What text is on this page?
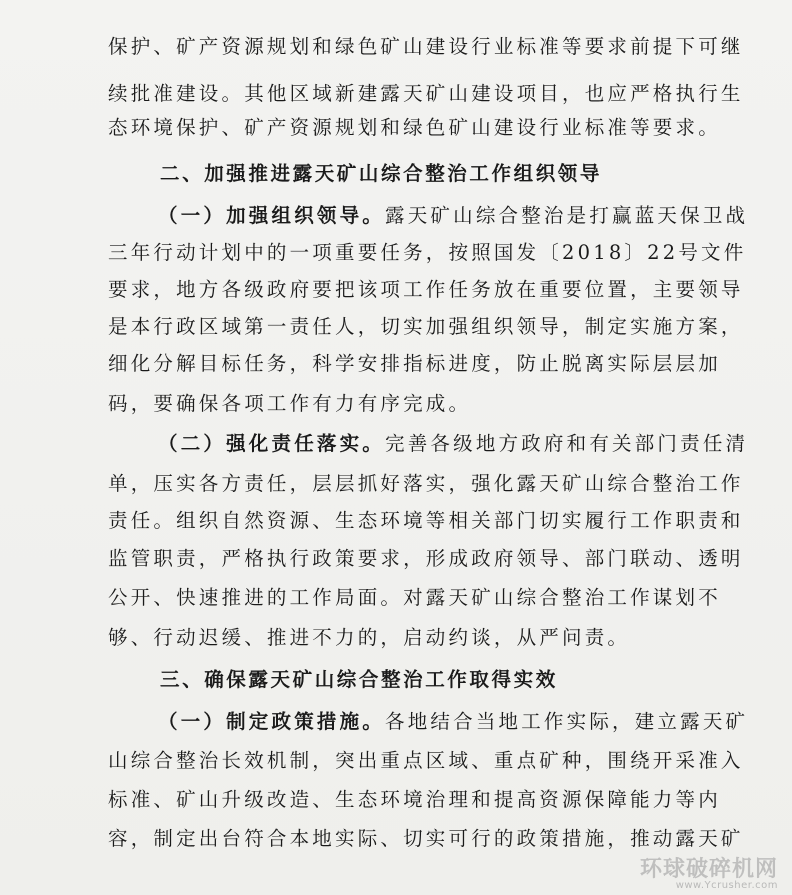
保护、矿产资源规划和绿色矿山建设行业标准等要求前提下可继
续批准建设。其他区域新建露天矿山建设项目，也应严格执行生
态环境保护、矿产资源规划和绿色矿山建设行业标准等要求。
二、加强推进露天矿山综合整治工作组织领导
（一）加强组织领导。露天矿山综合整治是打赢蓝天保卫战
三年行动计划中的一项重要任务，按照国发〔2018〕22号文件
要求，地方各级政府要把该项工作任务放在重要位置，主要领导
是本行政区域第一责任人，切实加强组织领导，制定实施方案，
细化分解目标任务，科学安排指标进度，防止脱离实际层层加
码，要确保各项工作有力有序完成。
（二）强化责任落实。完善各级地方政府和有关部门责任清
单，压实各方责任，层层抓好落实，强化露天矿山综合整治工作
责任。组织自然资源、生态环境等相关部门切实履行工作职责和
监管职责，严格执行政策要求，形成政府领导、部门联动、透明
公开、快速推进的工作局面。对露天矿山综合整治工作谋划不
够、行动迟缓、推进不力的，启动约谈，从严问责。
三、确保露天矿山综合整治工作取得实效
（一）制定政策措施。各地结合当地工作实际，建立露天矿
山综合整治长效机制，突出重点区域、重点矿种，围绕开采准入
标准、矿山升级改造、生态环境治理和提高资源保障能力等内
容，制定出台符合本地实际、切实可行的政策措施，推动露天矿
环球破碎机网
www.Ycrusher.com
